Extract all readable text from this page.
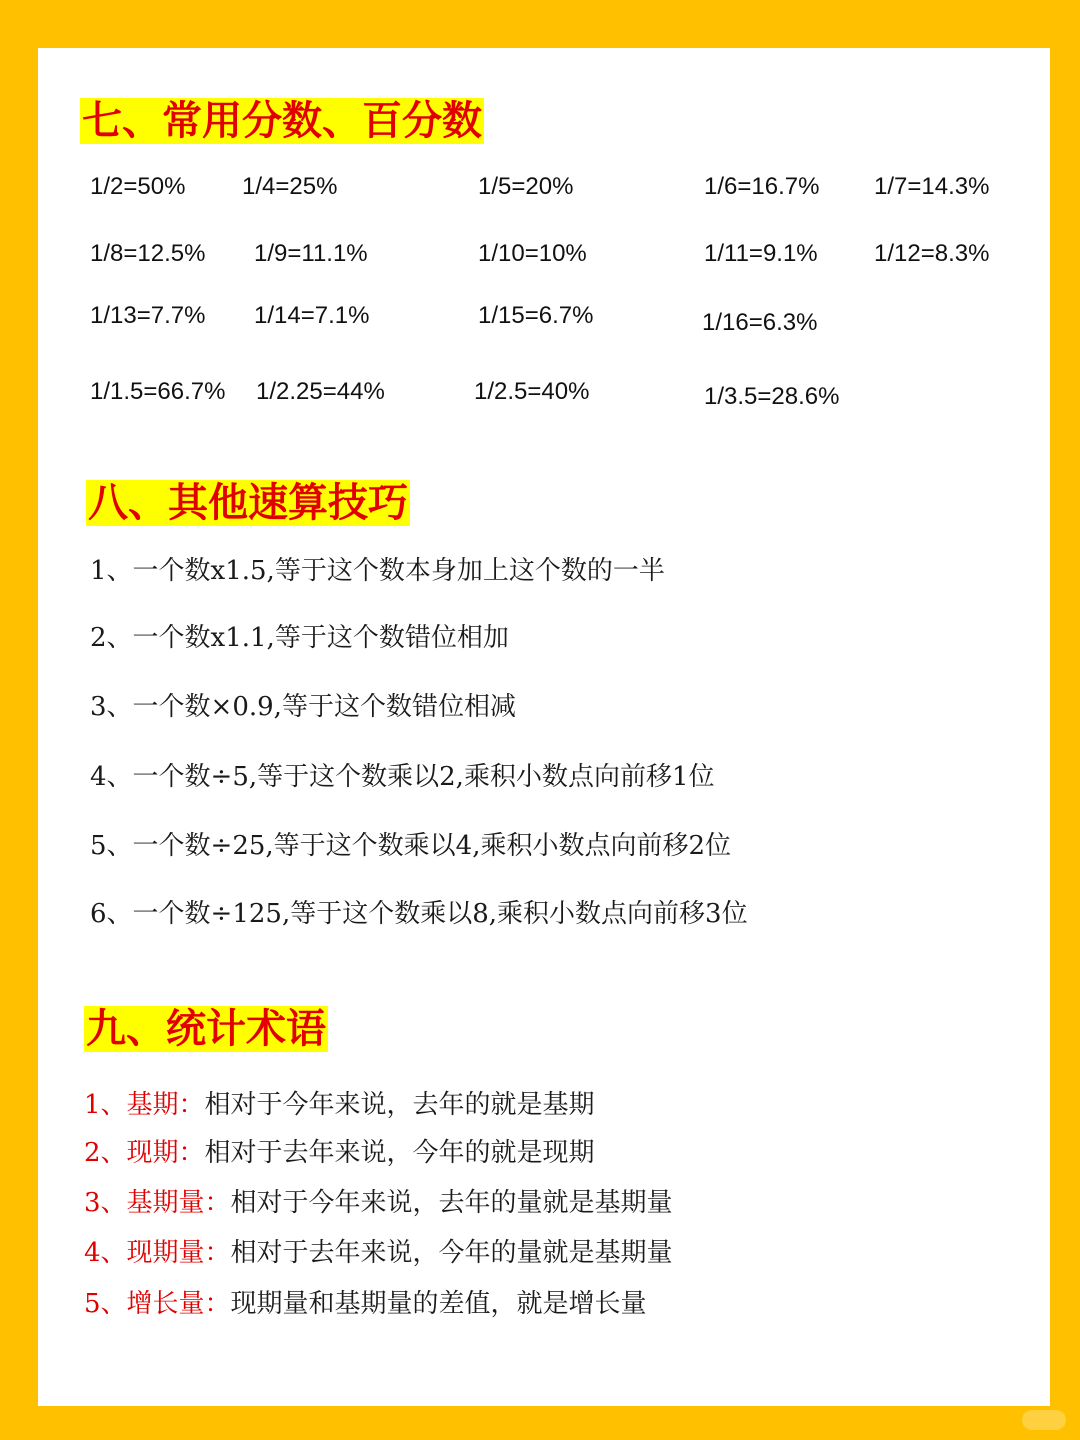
七、常用分数、百分数
1/2=50% 1/4=25%	1/5=20%	1/6=16.7% 1/7=14.3%
1/8=12.5% 1/9=11.1%	1/10=10%	1/11=9.1% 1/12=8.3%
1/13=7.7% 1/14=7.1%	1/15=6.7%	1/16=6.3%
1/1.5=66.7% 1/2.25=44%	1/2.5=40%	1/3.5=28.6%
八、其他速算技巧
1、一个数x1.5,等于这个数本身加上这个数的一半
2、一个数x1.1,等于这个数错位相加
3、一个数×0.9,等于这个数错位相减
4、一个数÷5,等于这个数乘以2,乘积小数点向前移1位
5、一个数÷25,等于这个数乘以4,乘积小数点向前移2位
6、一个数÷125,等于这个数乘以8,乘积小数点向前移3位
九、统计术语
1、基期：相对于今年来说，去年的就是基期
2、现期：相对于去年来说，今年的就是现期
3、基期量：相对于今年来说，去年的量就是基期量
4、现期量：相对于去年来说，今年的量就是基期量
5、增长量：现期量和基期量的差值，就是增长量
